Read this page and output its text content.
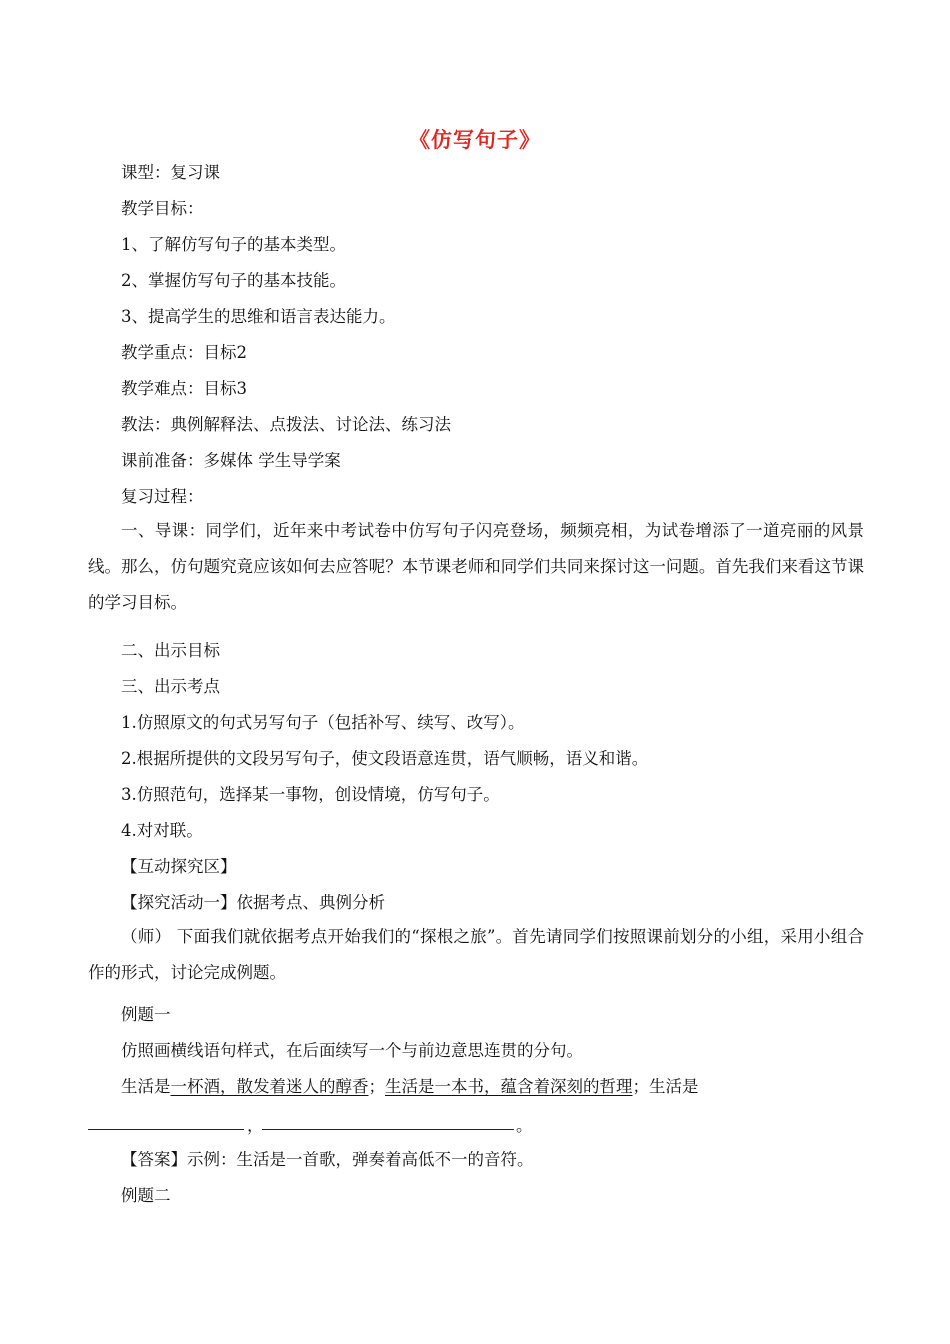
《仿写句子》
课型：复习课
教学目标：
1、了解仿写句子的基本类型。
2、掌握仿写句子的基本技能。
3、提高学生的思维和语言表达能力。
教学重点：目标2
教学难点：目标3
教法：典例解释法、点拨法、讨论法、练习法
课前准备：多媒体 学生导学案
复习过程：
一、导课：同学们，近年来中考试卷中仿写句子闪亮登场，频频亮相，为试卷增添了一道亮丽的风景线。那么，仿句题究竟应该如何去应答呢？本节课老师和同学们共同来探讨这一问题。首先我们来看这节课的学习目标。
二、出示目标
三、出示考点
1.仿照原文的句式另写句子（包括补写、续写、改写）。
2.根据所提供的文段另写句子，使文段语意连贯，语气顺畅，语义和谐。
3.仿照范句，选择某一事物，创设情境，仿写句子。
4.对对联。
【互动探究区】
【探究活动一】依据考点、典例分析
（师） 下面我们就依据考点开始我们的“探根之旅”。首先请同学们按照课前划分的小组，采用小组合作的形式，讨论完成例题。
例题一
仿照画横线语句样式，在后面续写一个与前边意思连贯的分句。
生活是一杯酒，散发着迷人的醇香；生活是一本书，蕴含着深刻的哲理；生活是
，	。
【答案】示例：生活是一首歌，弹奏着高低不一的音符。
例题二
